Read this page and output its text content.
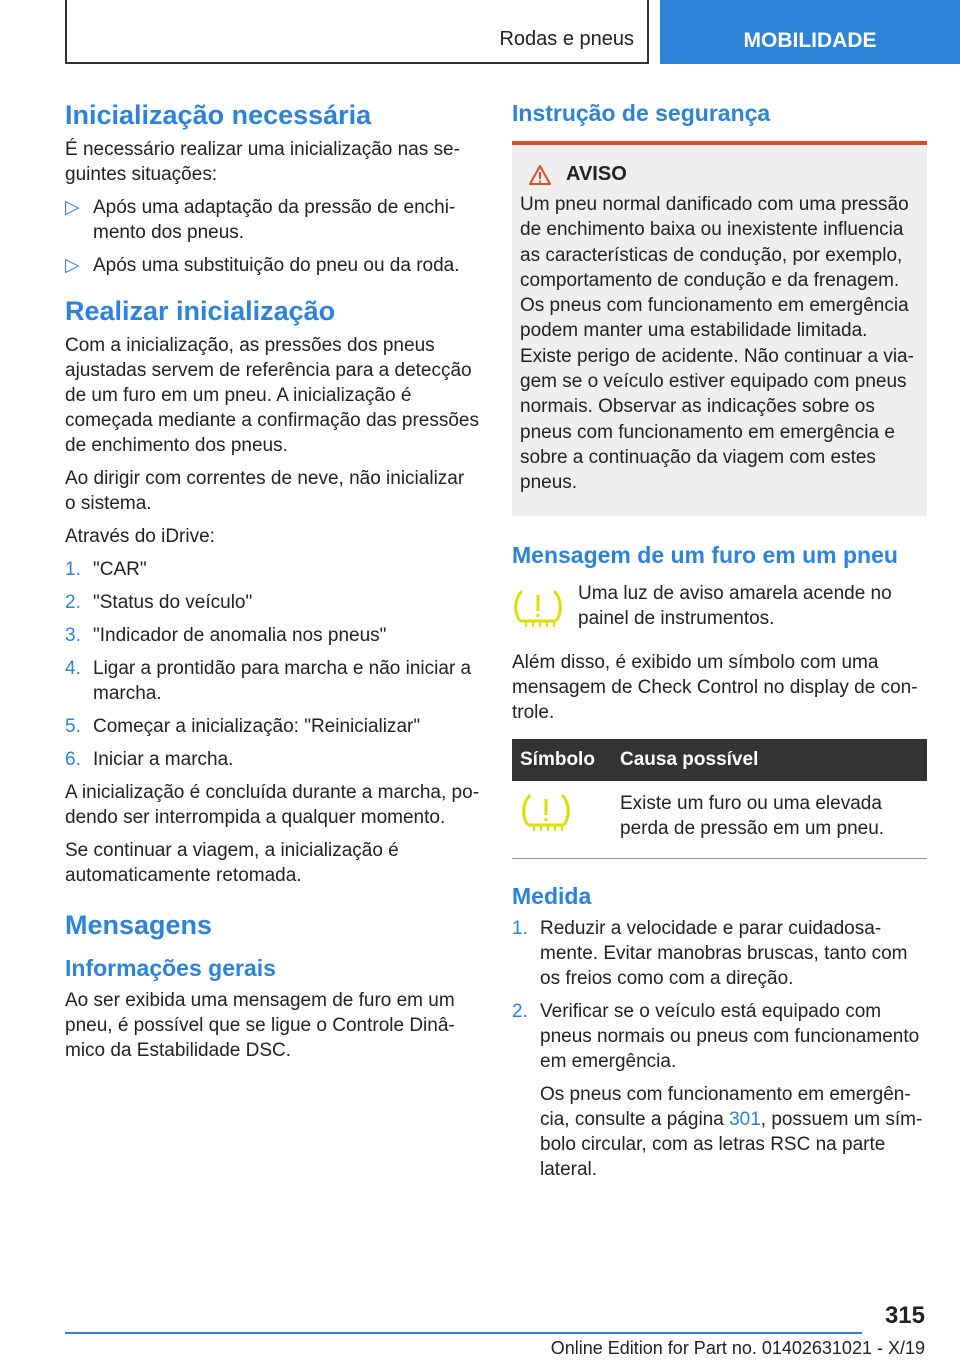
Rodas e pneus	MOBILIDADE
Inicialização necessária

É necessário realizar uma inicialização nas seguintes situações:

▷ Após uma adaptação da pressão de enchimento dos pneus.
▷ Após uma substituição do pneu ou da roda.
Realizar inicialização

Com a inicialização, as pressões dos pneus ajustadas servem de referência para a detecção de um furo em um pneu. A inicialização é começada mediante a confirmação das pressões de enchimento dos pneus.

Ao dirigir com correntes de neve, não inicializar o sistema.

Através do iDrive:

1. "CAR"
2. "Status do veículo"
3. "Indicador de anomalia nos pneus"
4. Ligar a prontidão para marcha e não iniciar a marcha.
5. Começar a inicialização: "Reinicializar"
6. Iniciar a marcha.

A inicialização é concluída durante a marcha, podendo ser interrompida a qualquer momento.

Se continuar a viagem, a inicialização é automaticamente retomada.

Mensagens
Informações gerais

Ao ser exibida uma mensagem de furo em um pneu, é possível que se ligue o Controle Dinâmico da Estabilidade DSC.

Instrução de segurança
AVISO

Um pneu normal danificado com uma pressão de enchimento baixa ou inexistente influencia as características de condução, por exemplo, comportamento de condução e da frenagem. Os pneus com funcionamento em emergência podem manter uma estabilidade limitada. Existe perigo de acidente. Não continuar a viagem se o veículo estiver equipado com pneus normais. Observar as indicações sobre os pneus com funcionamento em emergência e sobre a continuação da viagem com estes pneus.

Mensagem de um furo em um pneu

Uma luz de aviso amarela acende no painel de instrumentos.

Além disso, é exibido um símbolo com uma mensagem de Check Control no display de controle.

Símbolo	Causa possível
	Existe um furo ou uma elevada perda de pressão em um pneu.
Medida
1. Reduzir a velocidade e parar cuidadosamente. Evitar manobras bruscas, tanto com os freios como com a direção.
2. Verificar se o veículo está equipado com pneus normais ou pneus com funcionamento em emergência.
Os pneus com funcionamento em emergência, consulte a página 301, possuem um símbolo circular, com as letras RSC na parte lateral.
315
Online Edition for Part no. 01402631021 - X/19
